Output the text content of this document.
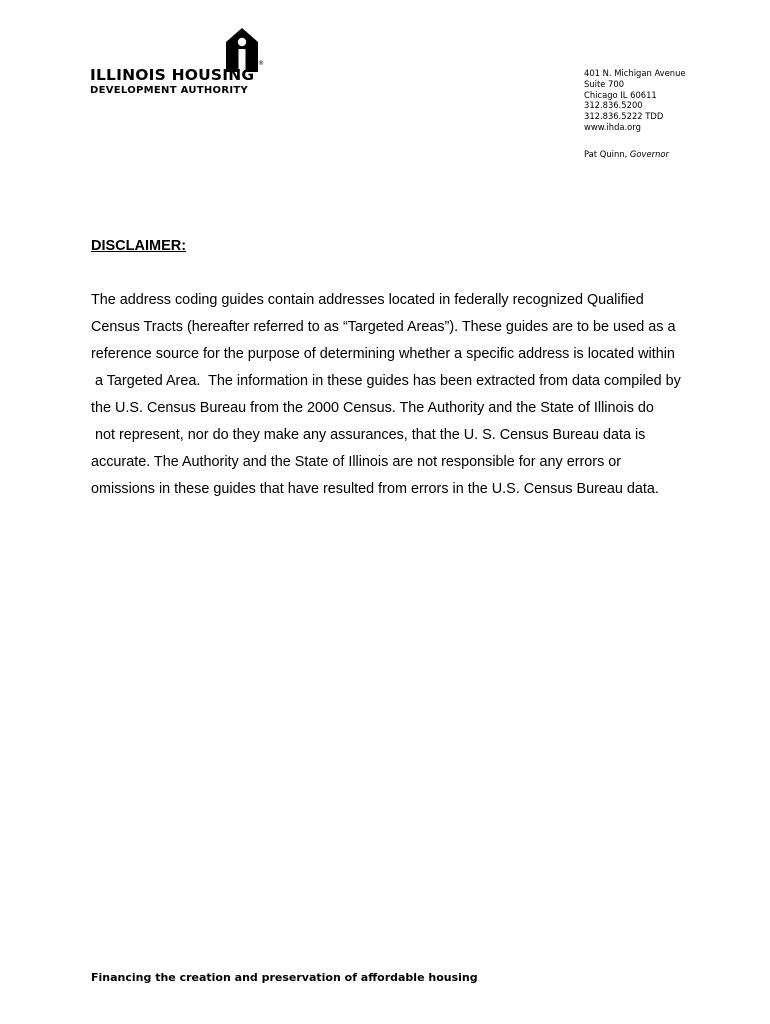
®
ILLINOIS HOUSING
DEVELOPMENT AUTHORITY
401 N. Michigan Avenue
Suite 700
Chicago IL 60611
312.836.5200
312.836.5222 TDD
www.ihda.org
Pat Quinn, Governor
DISCLAIMER:
The address coding guides contain addresses located in federally recognized Qualified
Census Tracts (hereafter referred to as “Targeted Areas”). These guides are to be used as a
reference source for the purpose of determining whether a specific address is located within
a Targeted Area.  The information in these guides has been extracted from data compiled by
the U.S. Census Bureau from the 2000 Census. The Authority and the State of Illinois do
not represent, nor do they make any assurances, that the U. S. Census Bureau data is
accurate. The Authority and the State of Illinois are not responsible for any errors or
omissions in these guides that have resulted from errors in the U.S. Census Bureau data.
Financing the creation and preservation of affordable housing
